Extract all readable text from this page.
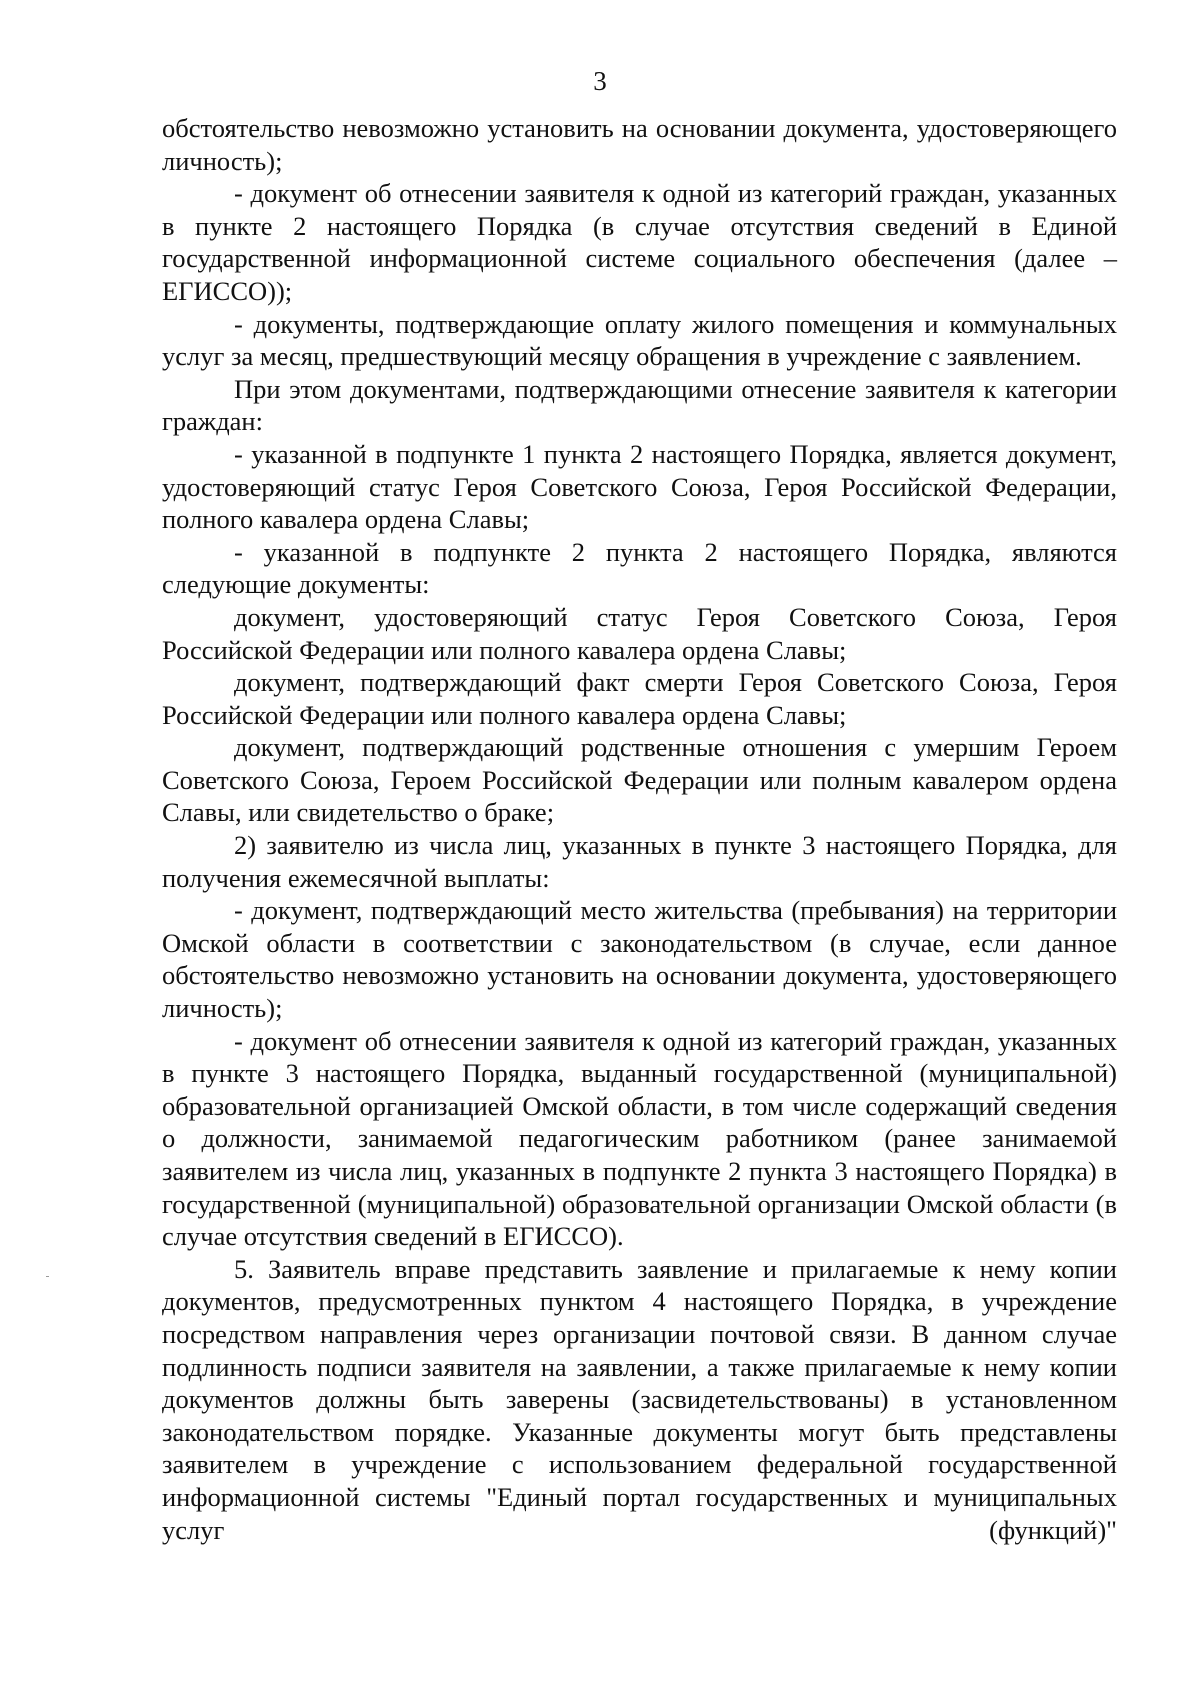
3

обстоятельство невозможно установить на основании документа, удостоверяющего личность);

- документ об отнесении заявителя к одной из категорий граждан, указанных в пункте 2 настоящего Порядка (в случае отсутствия сведений в Единой государственной информационной системе социального обеспечения (далее – ЕГИССО));

- документы, подтверждающие оплату жилого помещения и коммунальных услуг за месяц, предшествующий месяцу обращения в учреждение с заявлением.

При этом документами, подтверждающими отнесение заявителя к категории граждан:

- указанной в подпункте 1 пункта 2 настоящего Порядка, является документ, удостоверяющий статус Героя Советского Союза, Героя Российской Федерации, полного кавалера ордена Славы;

- указанной в подпункте 2 пункта 2 настоящего Порядка, являются следующие документы:

документ, удостоверяющий статус Героя Советского Союза, Героя Российской Федерации или полного кавалера ордена Славы;

документ, подтверждающий факт смерти Героя Советского Союза, Героя Российской Федерации или полного кавалера ордена Славы;

документ, подтверждающий родственные отношения с умершим Героем Советского Союза, Героем Российской Федерации или полным кавалером ордена Славы, или свидетельство о браке;

2) заявителю из числа лиц, указанных в пункте 3 настоящего Порядка, для получения ежемесячной выплаты:

- документ, подтверждающий место жительства (пребывания) на территории Омской области в соответствии с законодательством (в случае, если данное обстоятельство невозможно установить на основании документа, удостоверяющего личность);

- документ об отнесении заявителя к одной из категорий граждан, указанных в пункте 3 настоящего Порядка, выданный государственной (муниципальной) образовательной организацией Омской области, в том числе содержащий сведения о должности, занимаемой педагогическим работником (ранее занимаемой заявителем из числа лиц, указанных в подпункте 2 пункта 3 настоящего Порядка) в государственной (муниципальной) образовательной организации Омской области (в случае отсутствия сведений в ЕГИССО).

5. Заявитель вправе представить заявление и прилагаемые к нему копии документов, предусмотренных пунктом 4 настоящего Порядка, в учреждение посредством направления через организации почтовой связи. В данном случае подлинность подписи заявителя на заявлении, а также прилагаемые к нему копии документов должны быть заверены (засвидетельствованы) в установленном законодательством порядке. Указанные документы могут быть представлены заявителем в учреждение с использованием федеральной государственной информационной системы "Единый портал государственных и муниципальных услуг (функций)"
